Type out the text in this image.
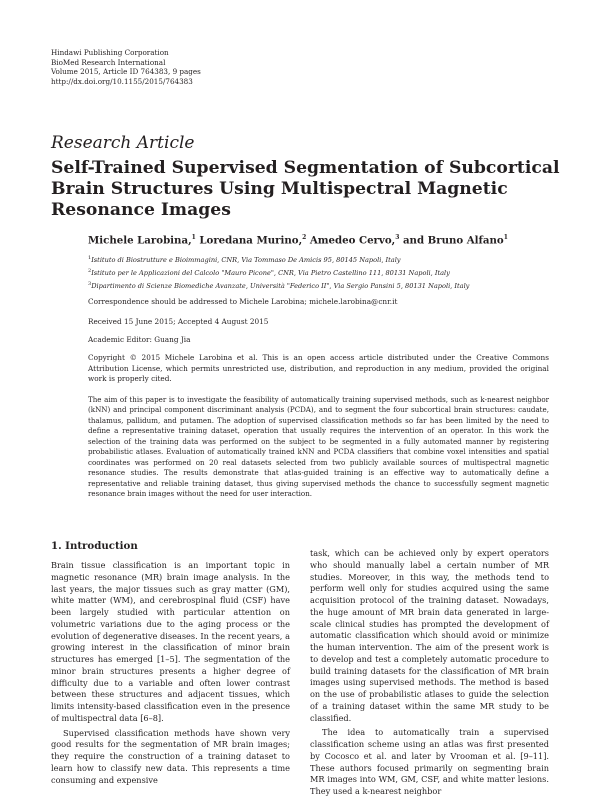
Hindawi Publishing Corporation
BioMed Research International
Volume 2015, Article ID 764383, 9 pages
http://dx.doi.org/10.1155/2015/764383
Research Article
Self-Trained Supervised Segmentation of Subcortical Brain Structures Using Multispectral Magnetic Resonance Images
Michele Larobina,$^1$ Loredana Murino,$^2$ Amedeo Cervo,$^3$ and Bruno Alfano$^1$
$^1$Istituto di Biostrutture e Bioimmagini, CNR, Via Tommaso De Amicis 95, 80145 Napoli, Italy
$^2$Istituto per le Applicazioni del Calcolo "Mauro Picone", CNR, Via Pietro Castellino 111, 80131 Napoli, Italy
$^3$Dipartimento di Scienze Biomediche Avanzate, Università "Federico II", Via Sergio Pansini 5, 80131 Napoli, Italy
Correspondence should be addressed to Michele Larobina; michele.larobina@cnr.it
Received 15 June 2015; Accepted 4 August 2015
Academic Editor: Guang Jia
Copyright © 2015 Michele Larobina et al. This is an open access article distributed under the Creative Commons Attribution License, which permits unrestricted use, distribution, and reproduction in any medium, provided the original work is properly cited.
The aim of this paper is to investigate the feasibility of automatically training supervised methods, such as k-nearest neighbor (kNN) and principal component discriminant analysis (PCDA), and to segment the four subcortical brain structures: caudate, thalamus, pallidum, and putamen. The adoption of supervised classification methods so far has been limited by the need to define a representative training dataset, operation that usually requires the intervention of an operator. In this work the selection of the training data was performed on the subject to be segmented in a fully automated manner by registering probabilistic atlases. Evaluation of automatically trained kNN and PCDA classifiers that combine voxel intensities and spatial coordinates was performed on 20 real datasets selected from two publicly available sources of multispectral magnetic resonance studies. The results demonstrate that atlas-guided training is an effective way to automatically define a representative and reliable training dataset, thus giving supervised methods the chance to successfully segment magnetic resonance brain images without the need for user interaction.
1. Introduction

Brain tissue classification is an important topic in magnetic resonance (MR) brain image analysis. In the last years, the major tissues such as gray matter (GM), white matter (WM), and cerebrospinal fluid (CSF) have been largely studied with particular attention on volumetric variations due to the aging process or the evolution of degenerative diseases. In the recent years, a growing interest in the classification of minor brain structures has emerged [1–5]. The segmentation of the minor brain structures presents a higher degree of difficulty due to a variable and often lower contrast between these structures and adjacent tissues, which limits intensity-based classification even in the presence of multispectral data [6–8].

Supervised classification methods have shown very good results for the segmentation of MR brain images; they require the construction of a training dataset to learn how to classify new data. This represents a time consuming and expensive

task, which can be achieved only by expert operators who should manually label a certain number of MR studies. Moreover, in this way, the methods tend to perform well only for studies acquired using the same acquisition protocol of the training dataset. Nowadays, the huge amount of MR brain data generated in large-scale clinical studies has prompted the development of automatic classification which should avoid or minimize the human intervention. The aim of the present work is to develop and test a completely automatic procedure to build training datasets for the classification of MR brain images using supervised methods. The method is based on the use of probabilistic atlases to guide the selection of a training dataset within the same MR study to be classified.

The idea to automatically train a supervised classification scheme using an atlas was first presented by Cocosco et al. and later by Vrooman et al. [9–11]. These authors focused primarily on segmenting brain MR images into WM, GM, CSF, and white matter lesions. They used a k-nearest neighbor
